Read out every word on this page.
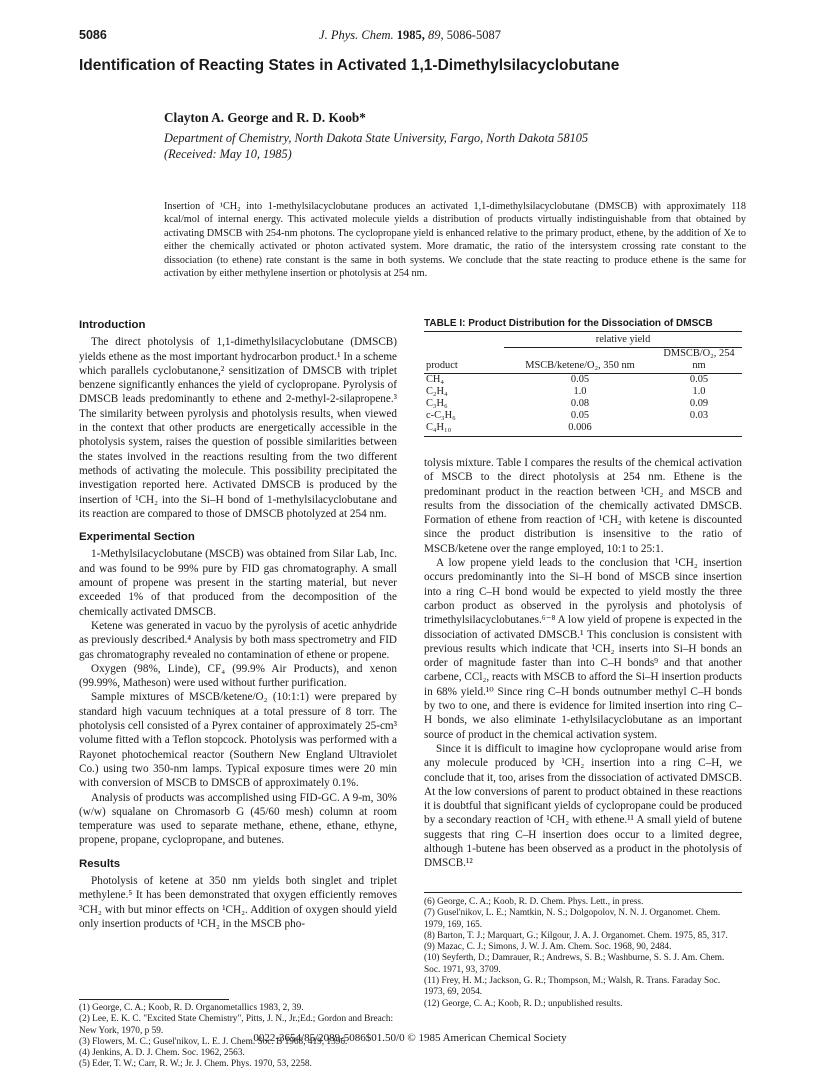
5086	J. Phys. Chem. 1985, 89, 5086-5087
Identification of Reacting States in Activated 1,1-Dimethylsilacyclobutane
Clayton A. George and R. D. Koob*
Department of Chemistry, North Dakota State University, Fargo, North Dakota 58105
(Received: May 10, 1985)
Insertion of ¹CH₂ into 1-methylsilacyclobutane produces an activated 1,1-dimethylsilacyclobutane (DMSCB) with approximately 118 kcal/mol of internal energy. This activated molecule yields a distribution of products virtually indistinguishable from that obtained by activating DMSCB with 254-nm photons. The cyclopropane yield is enhanced relative to the primary product, ethene, by the addition of Xe to either the chemically activated or photon activated system. More dramatic, the ratio of the intersystem crossing rate constant to the dissociation (to ethene) rate constant is the same in both systems. We conclude that the state reacting to produce ethene is the same for activation by either methylene insertion or photolysis at 254 nm.
Introduction

The direct photolysis of 1,1-dimethylsilacyclobutane (DMSCB) yields ethene as the most important hydrocarbon product.¹ In a scheme which parallels cyclobutanone,² sensitization of DMSCB with triplet benzene significantly enhances the yield of cyclopropane. Pyrolysis of DMSCB leads predominantly to ethene and 2-methyl-2-silapropene.³ The similarity between pyrolysis and photolysis results, when viewed in the context that other products are energetically accessible in the photolysis system, raises the question of possible similarities between the states involved in the reactions resulting from the two different methods of activating the molecule. This possibility precipitated the investigation reported here. Activated DMSCB is produced by the insertion of ¹CH₂ into the Si–H bond of 1-methylsilacyclobutane and its reaction are compared to those of DMSCB photolyzed at 254 nm.

Experimental Section

1-Methylsilacyclobutane (MSCB) was obtained from Silar Lab, Inc. and was found to be 99% pure by FID gas chromatography. A small amount of propene was present in the starting material, but never exceeded 1% of that produced from the decomposition of the chemically activated DMSCB.

Ketene was generated in vacuo by the pyrolysis of acetic anhydride as previously described.⁴ Analysis by both mass spectrometry and FID gas chromatography revealed no contamination of ethene or propene.

Oxygen (98%, Linde), CF₄ (99.9% Air Products), and xenon (99.99%, Matheson) were used without further purification.

Sample mixtures of MSCB/ketene/O₂ (10:1:1) were prepared by standard high vacuum techniques at a total pressure of 8 torr. The photolysis cell consisted of a Pyrex container of approximately 25-cm³ volume fitted with a Teflon stopcock. Photolysis was performed with a Rayonet photochemical reactor (Southern New England Ultraviolet Co.) using two 350-nm lamps. Typical exposure times were 20 min with conversion of MSCB to DMSCB of approximately 0.1%.

Analysis of products was accomplished using FID-GC. A 9-m, 30% (w/w) squalane on Chromasorb G (45/60 mesh) column at room temperature was used to separate methane, ethene, ethane, ethyne, propene, propane, cyclopropane, and butenes.

Results

Photolysis of ketene at 350 nm yields both singlet and triplet methylene.⁵ It has been demonstrated that oxygen efficiently removes ³CH₂ with but minor effects on ¹CH₂. Addition of oxygen should yield only insertion products of ¹CH₂ in the MSCB pho-

TABLE I: Product Distribution for the Dissociation of DMSCB
	relative yield	
product	MSCB/ketene/O₂, 350 nm	DMSCB/O₂, 254 nm
CH₄	0.05	0.05
C₂H₄	1.0	1.0
C₃H₆	0.08	0.09
c-C₃H₆	0.05	0.03
C₄H₁₀	0.006	

tolysis mixture. Table I compares the results of the chemical activation of MSCB to the direct photolysis at 254 nm. Ethene is the predominant product in the reaction between ¹CH₂ and MSCB and results from the dissociation of the chemically activated DMSCB. Formation of ethene from reaction of ¹CH₂ with ketene is discounted since the product distribution is insensitive to the ratio of MSCB/ketene over the range employed, 10:1 to 25:1.

A low propene yield leads to the conclusion that ¹CH₂ insertion occurs predominantly into the Si–H bond of MSCB since insertion into a ring C–H bond would be expected to yield mostly the three carbon product as observed in the pyrolysis and photolysis of trimethylsilacyclobutanes.⁶⁻⁸ A low yield of propene is expected in the dissociation of activated DMSCB.¹ This conclusion is consistent with previous results which indicate that ¹CH₂ inserts into Si–H bonds an order of magnitude faster than into C–H bonds⁹ and that another carbene, CCl₂, reacts with MSCB to afford the Si–H insertion products in 68% yield.¹⁰ Since ring C–H bonds outnumber methyl C–H bonds by two to one, and there is evidence for limited insertion into ring C–H bonds, we also eliminate 1-ethylsilacyclobutane as an important source of product in the chemical activation system.

Since it is difficult to imagine how cyclopropane would arise from any molecule produced by ¹CH₂ insertion into a ring C–H, we conclude that it, too, arises from the dissociation of activated DMSCB. At the low conversions of parent to product obtained in these reactions it is doubtful that significant yields of cyclopropane could be produced by a secondary reaction of ¹CH₂ with ethene.¹¹ A small yield of butene suggests that ring C–H insertion does occur to a limited degree, although 1-butene has been observed as a product in the photolysis of DMSCB.¹²

(1) George, C. A.; Koob, R. D. Organometallics 1983, 2, 39.
(2) Lee, E. K. C. "Excited State Chemistry", Pitts, J. N., Jr.;Ed.; Gordon and Breach: New York, 1970, p 59.
(3) Flowers, M. C.; Gusel'nikov, L. E. J. Chem. Soc. B 1968, 419, 1396.
(4) Jenkins, A. D. J. Chem. Soc. 1962, 2563.
(5) Eder, T. W.; Carr, R. W.; Jr. J. Chem. Phys. 1970, 53, 2258.
(6) George, C. A.; Koob, R. D. Chem. Phys. Lett., in press.
(7) Gusel'nikov, L. E.; Namtkin, N. S.; Dolgopolov, N. N. J. Organomet. Chem. 1979, 169, 165.
(8) Barton, T. J.; Marquart, G.; Kilgour, J. A. J. Organomet. Chem. 1975, 85, 317.
(9) Mazac, C. J.; Simons, J. W. J. Am. Chem. Soc. 1968, 90, 2484.
(10) Seyferth, D.; Damrauer, R.; Andrews, S. B.; Washburne, S. S. J. Am. Chem. Soc. 1971, 93, 3709.
(11) Frey, H. M.; Jackson, G. R.; Thompson, M.; Walsh, R. Trans. Faraday Soc. 1973, 69, 2054.
(12) George, C. A.; Koob, R. D.; unpublished results.
0022-3654/85/2089-5086$01.50/0 © 1985 American Chemical Society
